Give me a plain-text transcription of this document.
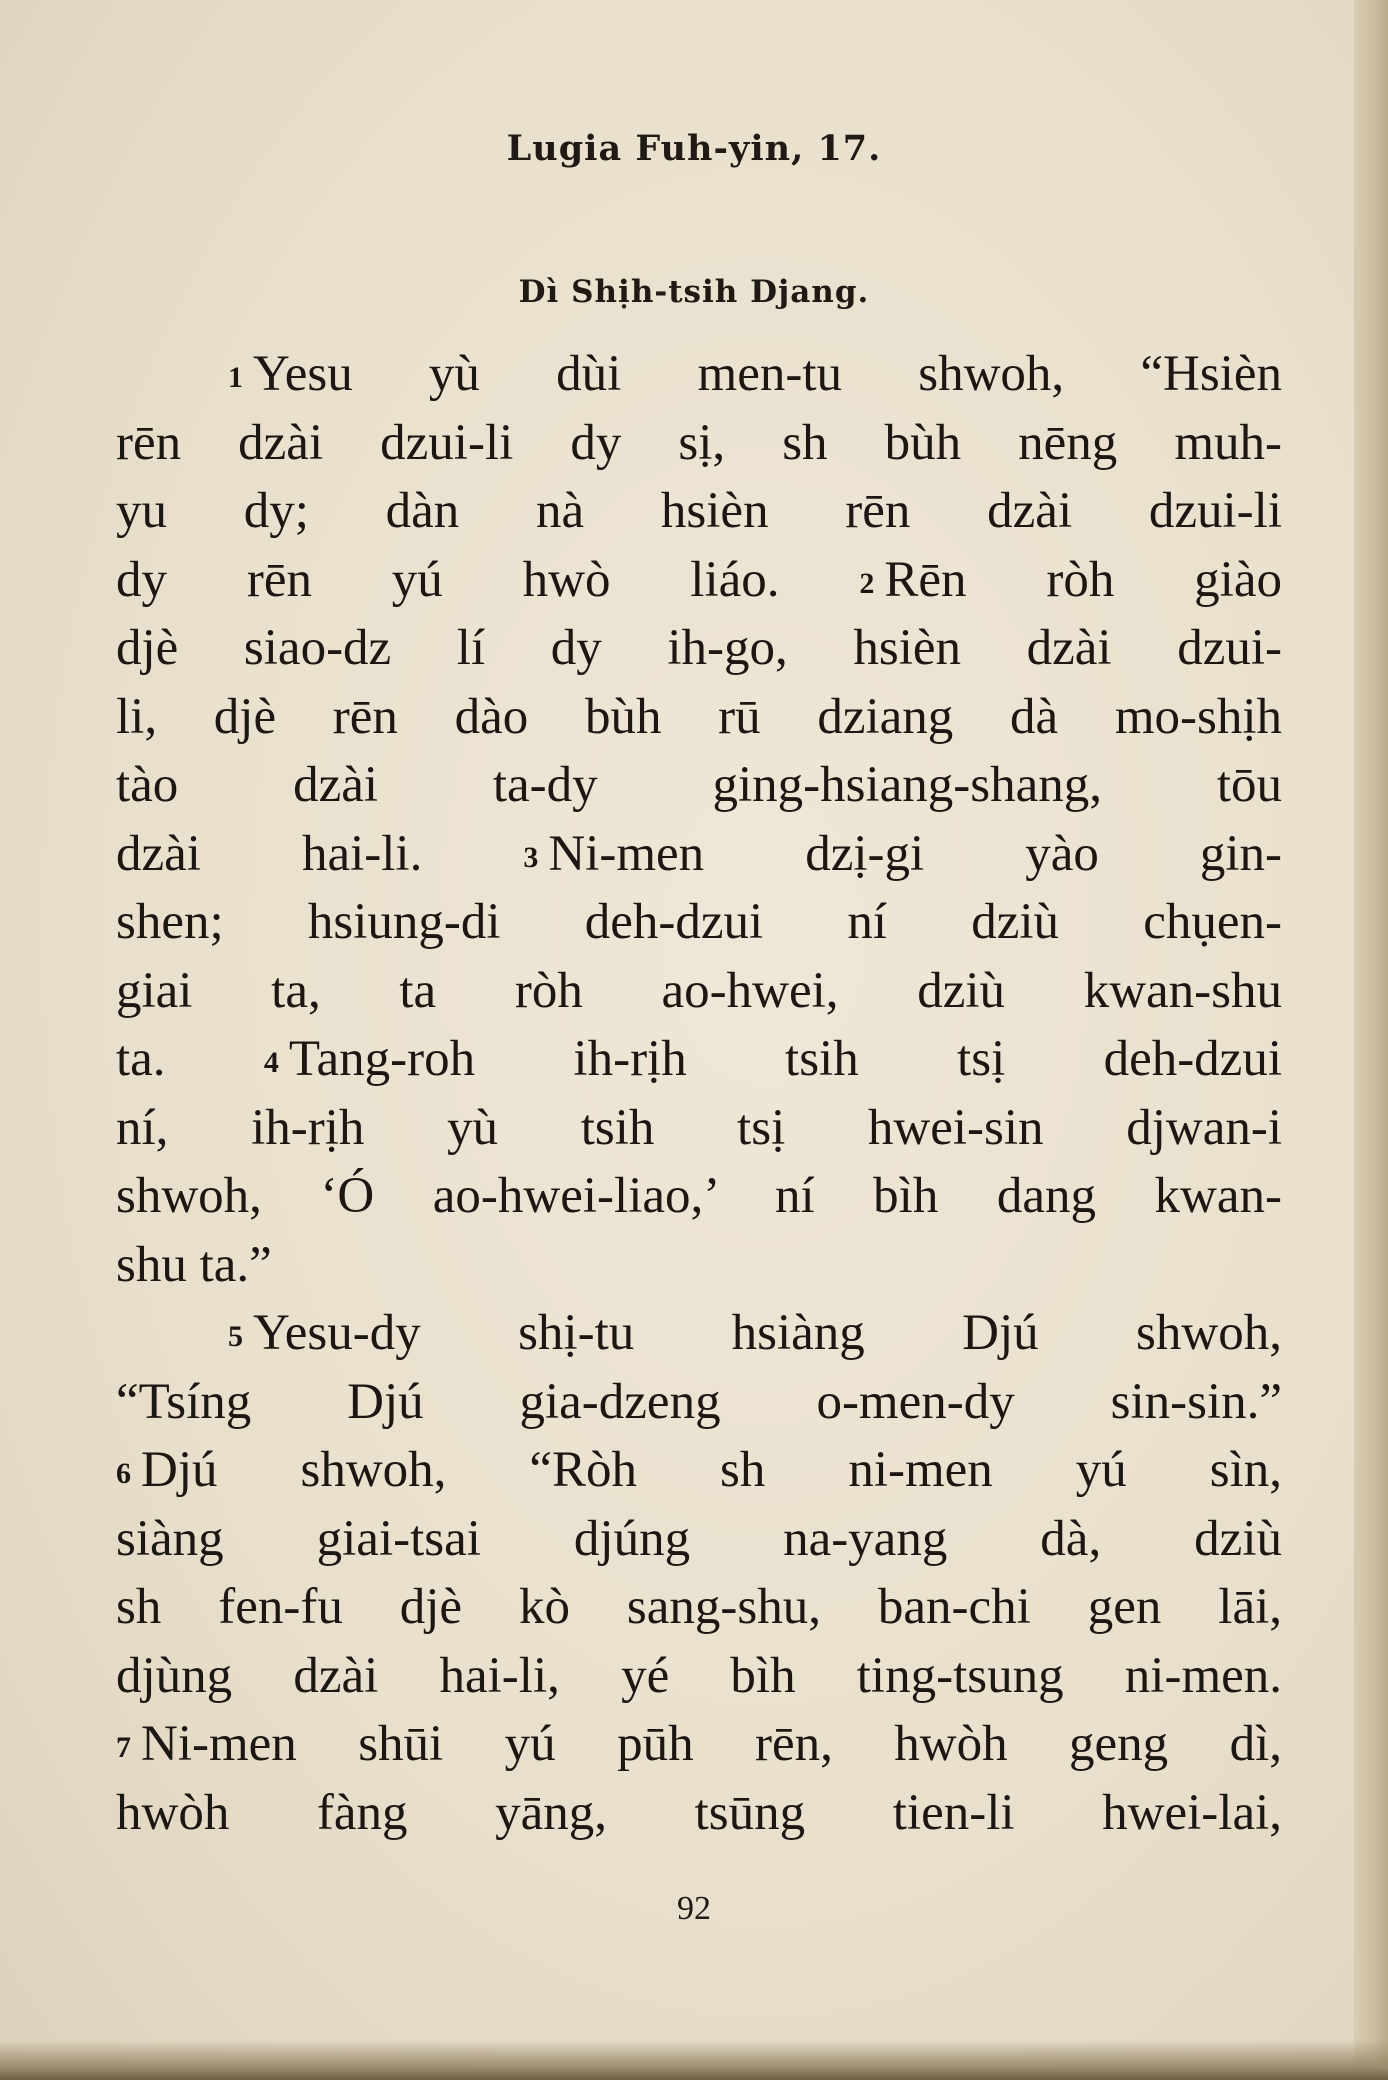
Lugia Fuh-yin, 17.
Dì Shịh-tsih Djang.
$^1$ Yesu yù dùi men-tu shwoh, “Hsièn
rēn dzài dzui-li dy sị, sh bùh nēng muh-
yu dy; dàn nà hsièn rēn dzài dzui-li
dy rēn yú hwò liáo.	$^2$ Rēn ròh giào
djè siao-dz lí dy ih-go, hsièn dzài dzui-
li, djè rēn dào bùh rū dziang dà mo-shịh
tào dzài ta-dy ging-hsiang-shang, tōu
dzài hai-li.	$^3$ Ni-men dzị-gi yào gin-
shen; hsiung-di deh-dzui ní dziù chụen-
giai ta, ta ròh ao-hwei, dziù kwan-shu
ta.	$^4$ Tang-roh ih-rịh tsih tsị deh-dzui
ní, ih-rịh yù tsih tsị hwei-sin djwan-i
shwoh, ‘Ó ao-hwei-liao,’ ní bìh dang kwan-
shu ta.”
$^5$ Yesu-dy shị-tu hsiàng Djú shwoh,
“Tsíng Djú gia-dzeng o-men-dy sin-sin.”
$^6$ Djú shwoh, “Ròh sh ni-men yú sìn,
siàng giai-tsai djúng na-yang dà, dziù
sh fen-fu djè kò sang-shu, ban-chi gen lāi,
djùng dzài hai-li, yé bìh ting-tsung ni-men.
$^7$ Ni-men shūi yú pūh rēn, hwòh geng dì,
hwòh fàng yāng, tsūng tien-li hwei-lai,
92
